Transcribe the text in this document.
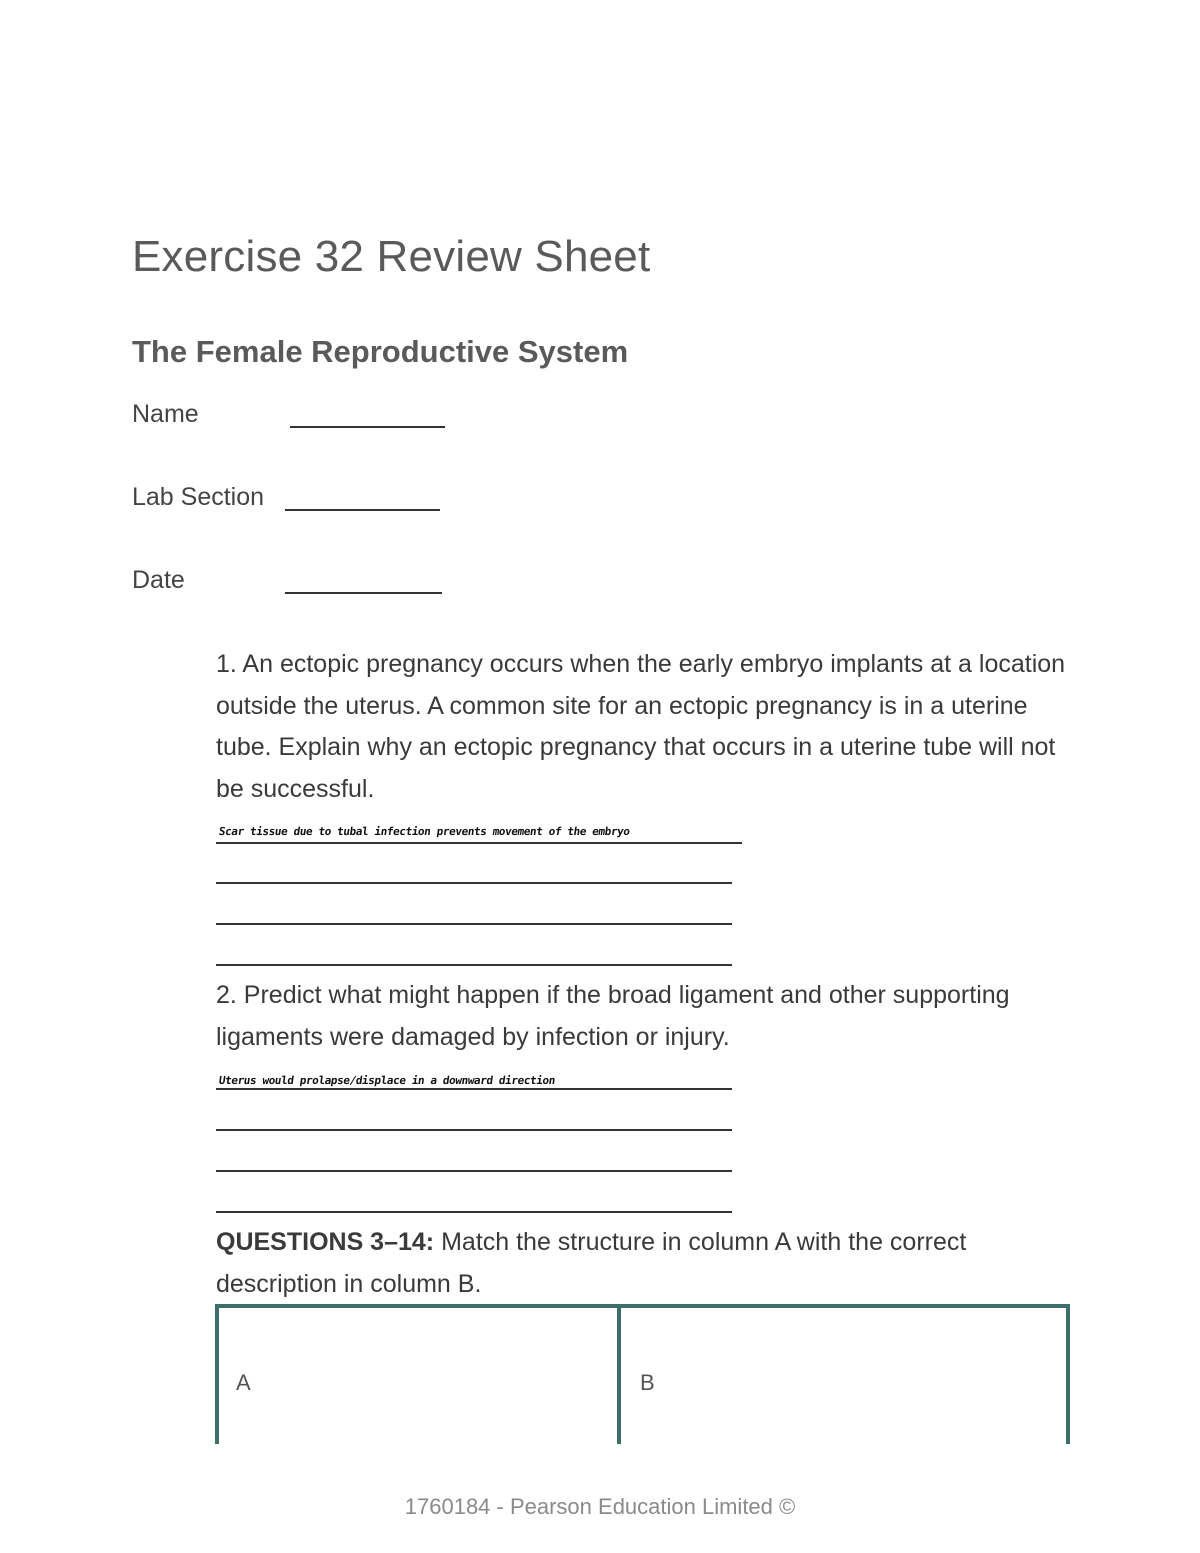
Exercise 32 Review Sheet
The Female Reproductive System
Name
Lab Section
Date
1. An ectopic pregnancy occurs when the early embryo implants at a location outside the uterus. A common site for an ectopic pregnancy is in a uterine tube. Explain why an ectopic pregnancy that occurs in a uterine tube will not be successful.
Scar tissue due to tubal infection prevents movement of the embryo
2. Predict what might happen if the broad ligament and other supporting ligaments were damaged by infection or injury.
Uterus would prolapse/displace in a downward direction
QUESTIONS 3–14: Match the structure in column A with the correct description in column B.
A	B
1760184 - Pearson Education Limited ©
